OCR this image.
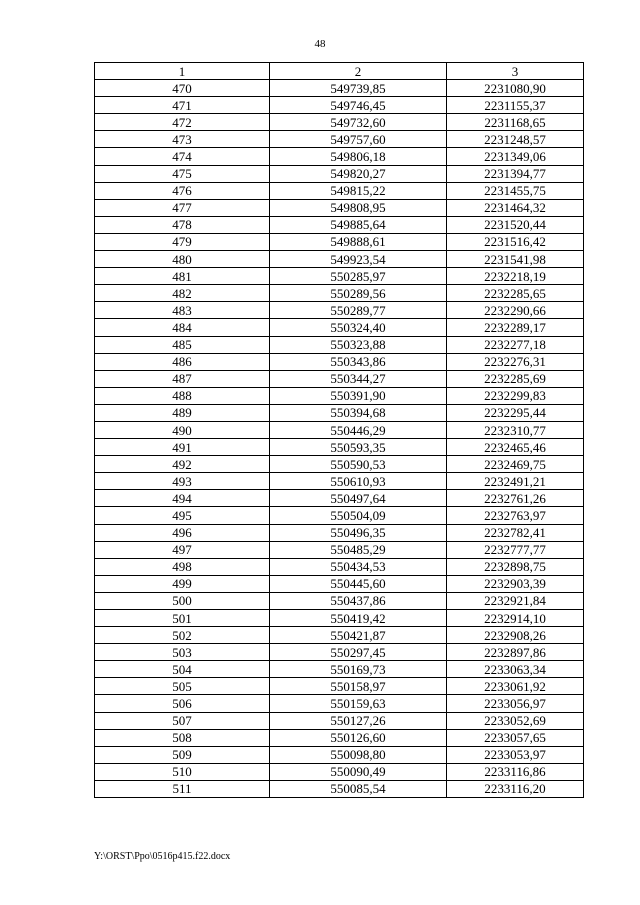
48
1	2	3
470	549739,85	2231080,90
471	549746,45	2231155,37
472	549732,60	2231168,65
473	549757,60	2231248,57
474	549806,18	2231349,06
475	549820,27	2231394,77
476	549815,22	2231455,75
477	549808,95	2231464,32
478	549885,64	2231520,44
479	549888,61	2231516,42
480	549923,54	2231541,98
481	550285,97	2232218,19
482	550289,56	2232285,65
483	550289,77	2232290,66
484	550324,40	2232289,17
485	550323,88	2232277,18
486	550343,86	2232276,31
487	550344,27	2232285,69
488	550391,90	2232299,83
489	550394,68	2232295,44
490	550446,29	2232310,77
491	550593,35	2232465,46
492	550590,53	2232469,75
493	550610,93	2232491,21
494	550497,64	2232761,26
495	550504,09	2232763,97
496	550496,35	2232782,41
497	550485,29	2232777,77
498	550434,53	2232898,75
499	550445,60	2232903,39
500	550437,86	2232921,84
501	550419,42	2232914,10
502	550421,87	2232908,26
503	550297,45	2232897,86
504	550169,73	2233063,34
505	550158,97	2233061,92
506	550159,63	2233056,97
507	550127,26	2233052,69
508	550126,60	2233057,65
509	550098,80	2233053,97
510	550090,49	2233116,86
511	550085,54	2233116,20
Y:\ORST\Ppo\0516p415.f22.docx
